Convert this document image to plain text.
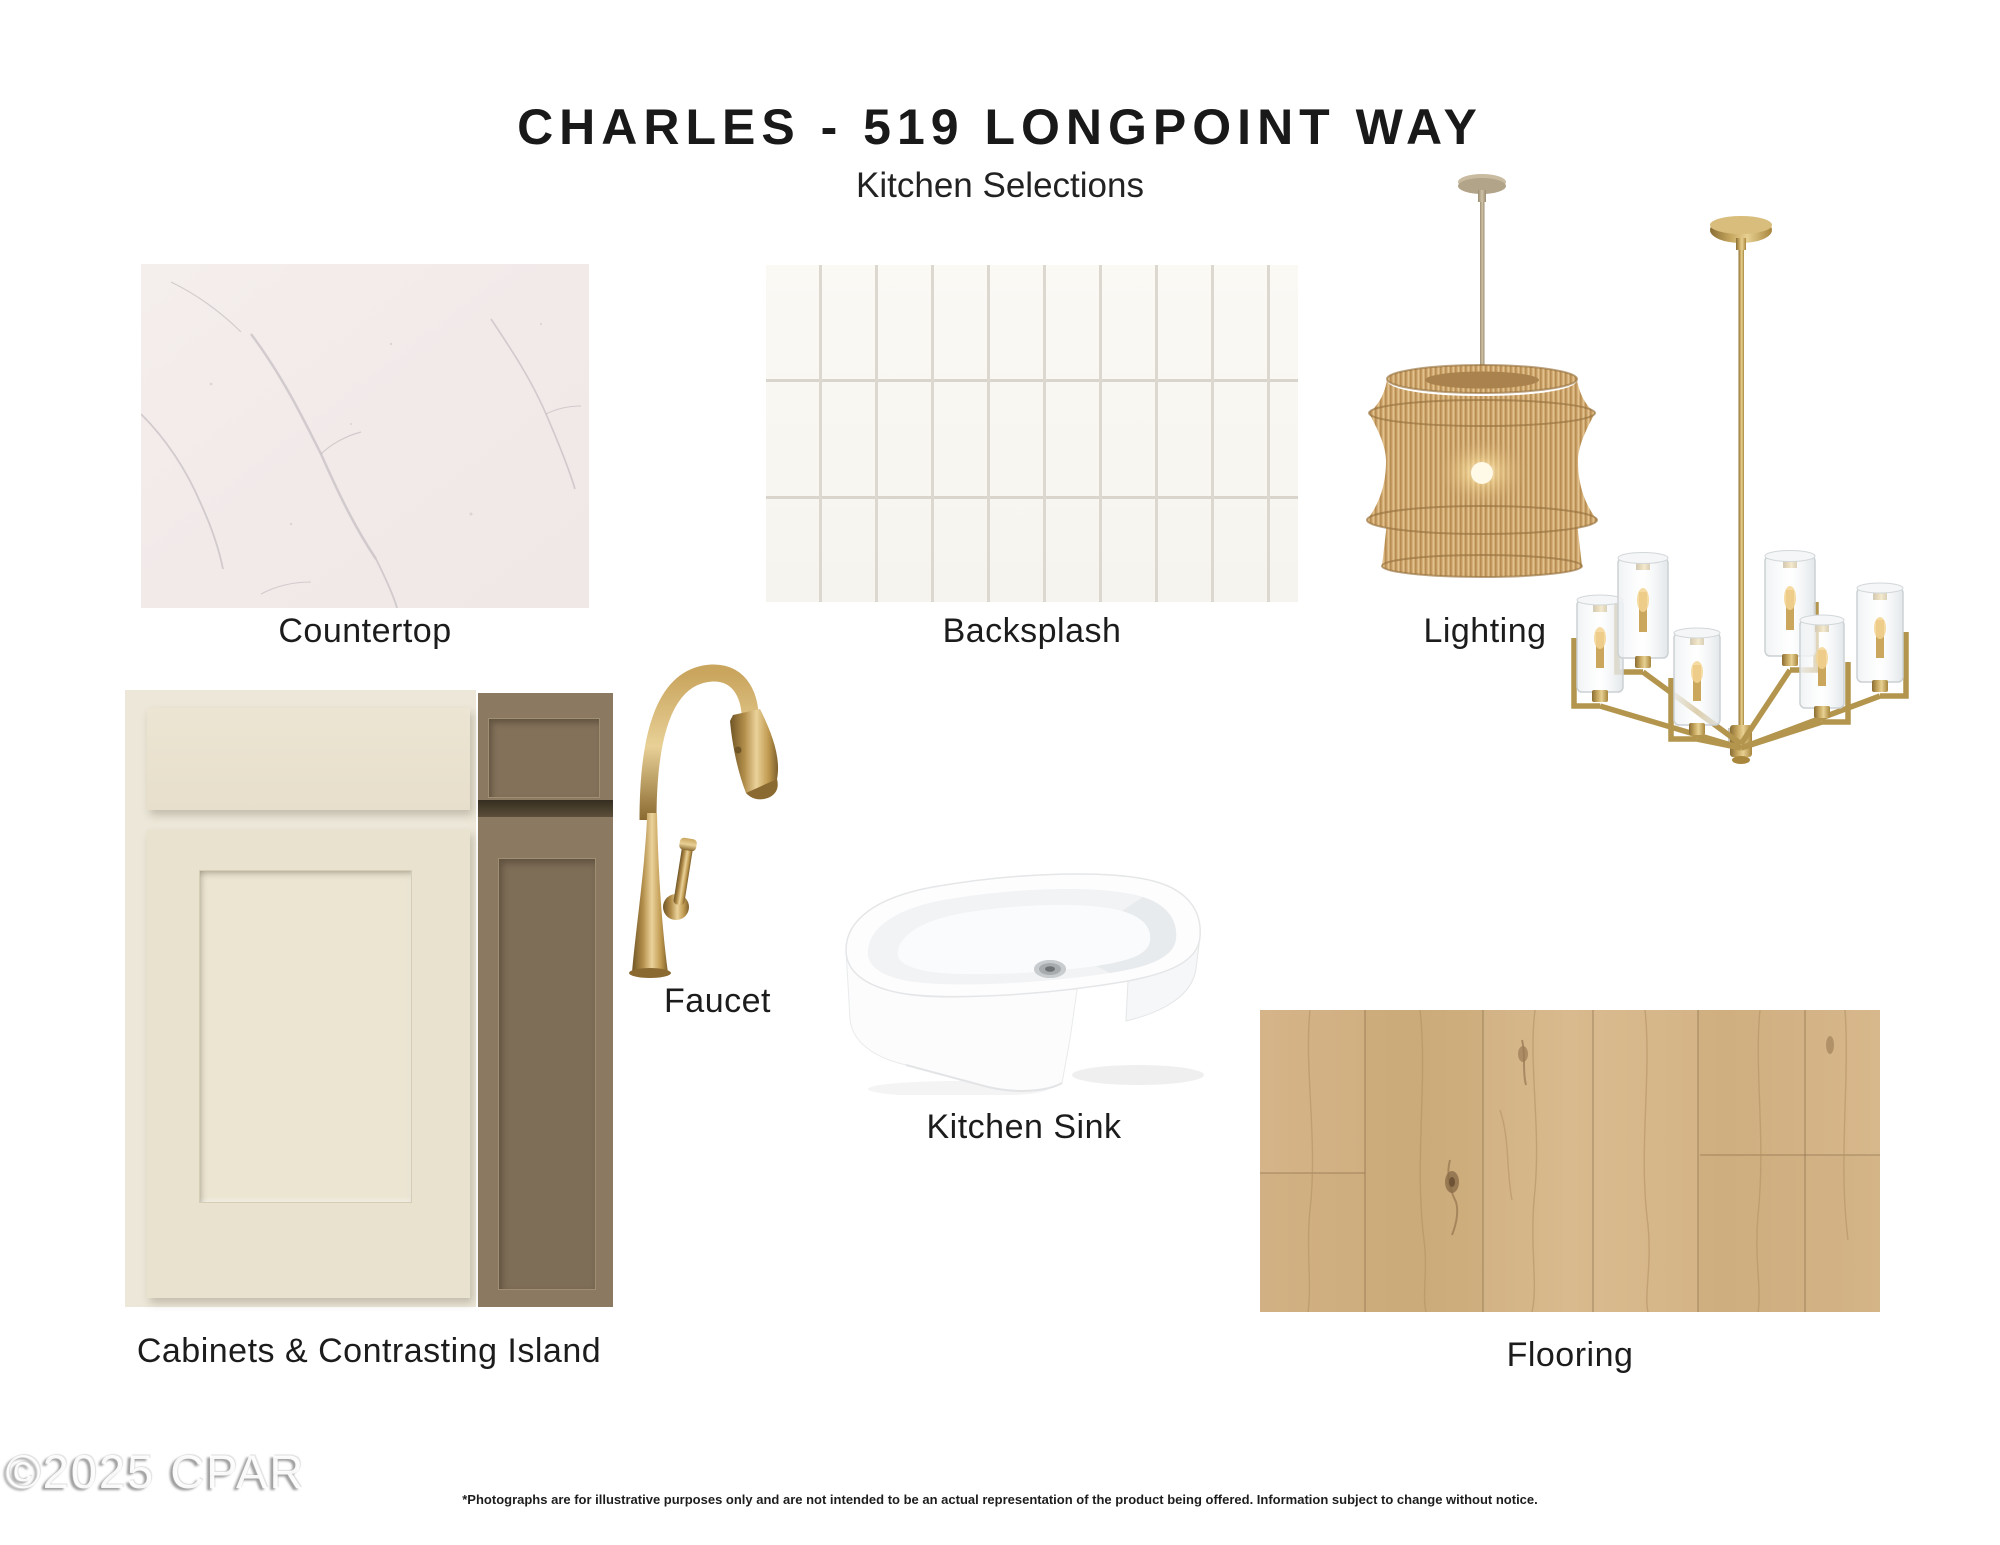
CHARLES - 519 LONGPOINT WAY
Kitchen Selections
Countertop	Backsplash	Lighting
Cabinets & Contrasting Island
Faucet
Kitchen Sink
Flooring
©2025 CPAR
*Photographs are for illustrative purposes only and are not intended to be an actual representation of the product being offered. Information subject to change without notice.
